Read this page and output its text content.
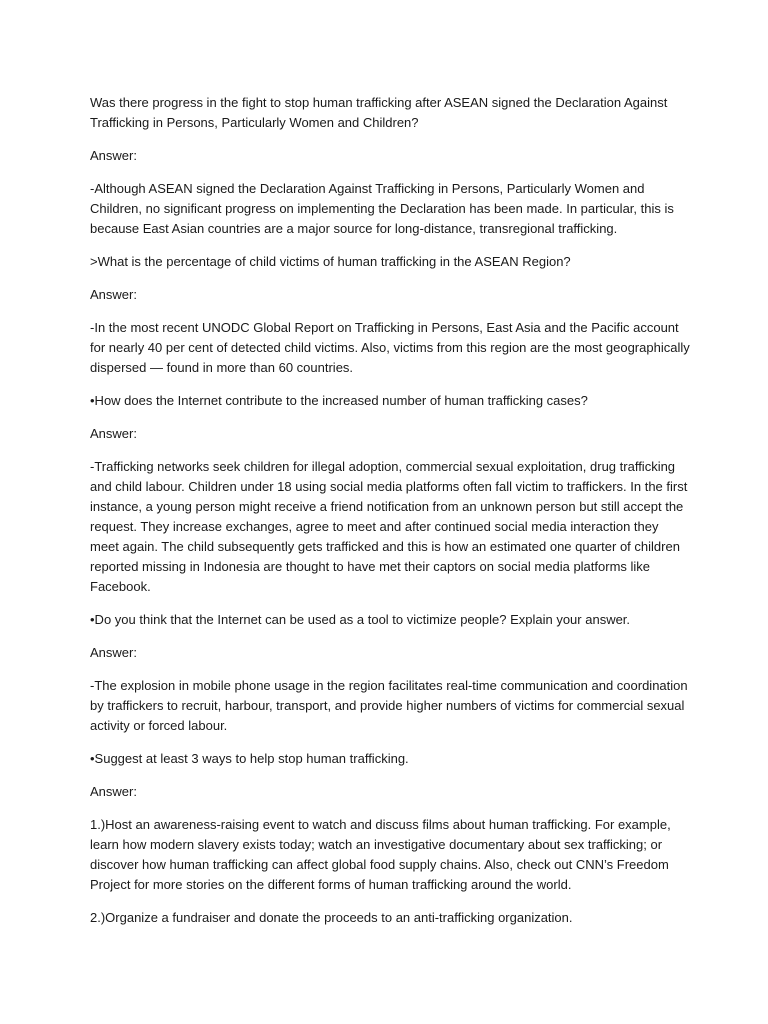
Was there progress in the fight to stop human trafficking after ASEAN signed the Declaration Against Trafficking in Persons, Particularly Women and Children?

Answer:

-Although ASEAN signed the Declaration Against Trafficking in Persons, Particularly Women and Children, no significant progress on implementing the Declaration has been made. In particular, this is because East Asian countries are a major source for long-distance, transregional trafficking.

>What is the percentage of child victims of human trafficking in the ASEAN Region?

Answer:

-In the most recent UNODC Global Report on Trafficking in Persons, East Asia and the Pacific account for nearly 40 per cent of detected child victims. Also, victims from this region are the most geographically dispersed — found in more than 60 countries.

•How does the Internet contribute to the increased number of human trafficking cases?

Answer:

-Trafficking networks seek children for illegal adoption, commercial sexual exploitation, drug trafficking and child labour. Children under 18 using social media platforms often fall victim to traffickers. In the first instance, a young person might receive a friend notification from an unknown person but still accept the request. They increase exchanges, agree to meet and after continued social media interaction they meet again. The child subsequently gets trafficked and this is how an estimated one quarter of children reported missing in Indonesia are thought to have met their captors on social media platforms like Facebook.

•Do you think that the Internet can be used as a tool to victimize people? Explain your answer.

Answer:

-The explosion in mobile phone usage in the region facilitates real-time communication and coordination by traffickers to recruit, harbour, transport, and provide higher numbers of victims for commercial sexual activity or forced labour.

•Suggest at least 3 ways to help stop human trafficking.

Answer:

1.)Host an awareness-raising event to watch and discuss films about human trafficking. For example, learn how modern slavery exists today; watch an investigative documentary about sex trafficking; or discover how human trafficking can affect global food supply chains. Also, check out CNN’s Freedom Project for more stories on the different forms of human trafficking around the world.

2.)Organize a fundraiser and donate the proceeds to an anti-trafficking organization.
